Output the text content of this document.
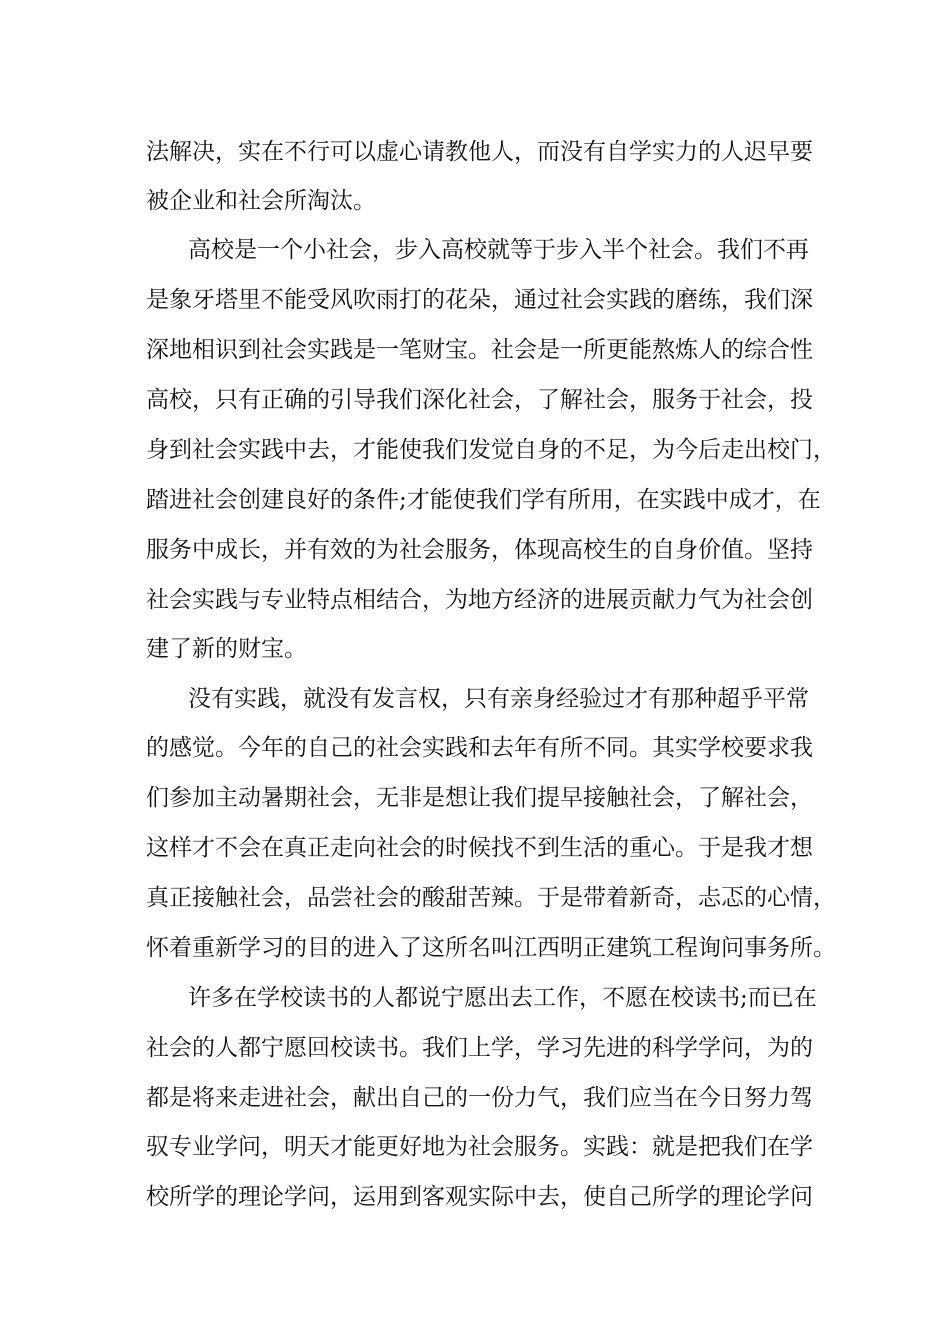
法解决，实在不行可以虚心请教他人，而没有自学实力的人迟早要
被企业和社会所淘汰。
高校是一个小社会，步入高校就等于步入半个社会。我们不再
是象牙塔里不能受风吹雨打的花朵，通过社会实践的磨练，我们深
深地相识到社会实践是一笔财宝。社会是一所更能熬炼人的综合性
高校，只有正确的引导我们深化社会，了解社会，服务于社会，投
身到社会实践中去，才能使我们发觉自身的不足，为今后走出校门，
踏进社会创建良好的条件;才能使我们学有所用，在实践中成才，在
服务中成长，并有效的为社会服务，体现高校生的自身价值。坚持
社会实践与专业特点相结合，为地方经济的进展贡献力气为社会创
建了新的财宝。
没有实践，就没有发言权，只有亲身经验过才有那种超乎平常
的感觉。今年的自己的社会实践和去年有所不同。其实学校要求我
们参加主动暑期社会，无非是想让我们提早接触社会，了解社会，
这样才不会在真正走向社会的时候找不到生活的重心。于是我才想
真正接触社会，品尝社会的酸甜苦辣。于是带着新奇，忐忑的心情，
怀着重新学习的目的进入了这所名叫江西明正建筑工程询问事务所。
许多在学校读书的人都说宁愿出去工作，不愿在校读书;而已在
社会的人都宁愿回校读书。我们上学，学习先进的科学学问，为的
都是将来走进社会，献出自己的一份力气，我们应当在今日努力驾
驭专业学问，明天才能更好地为社会服务。实践：就是把我们在学
校所学的理论学问，运用到客观实际中去，使自己所学的理论学问
